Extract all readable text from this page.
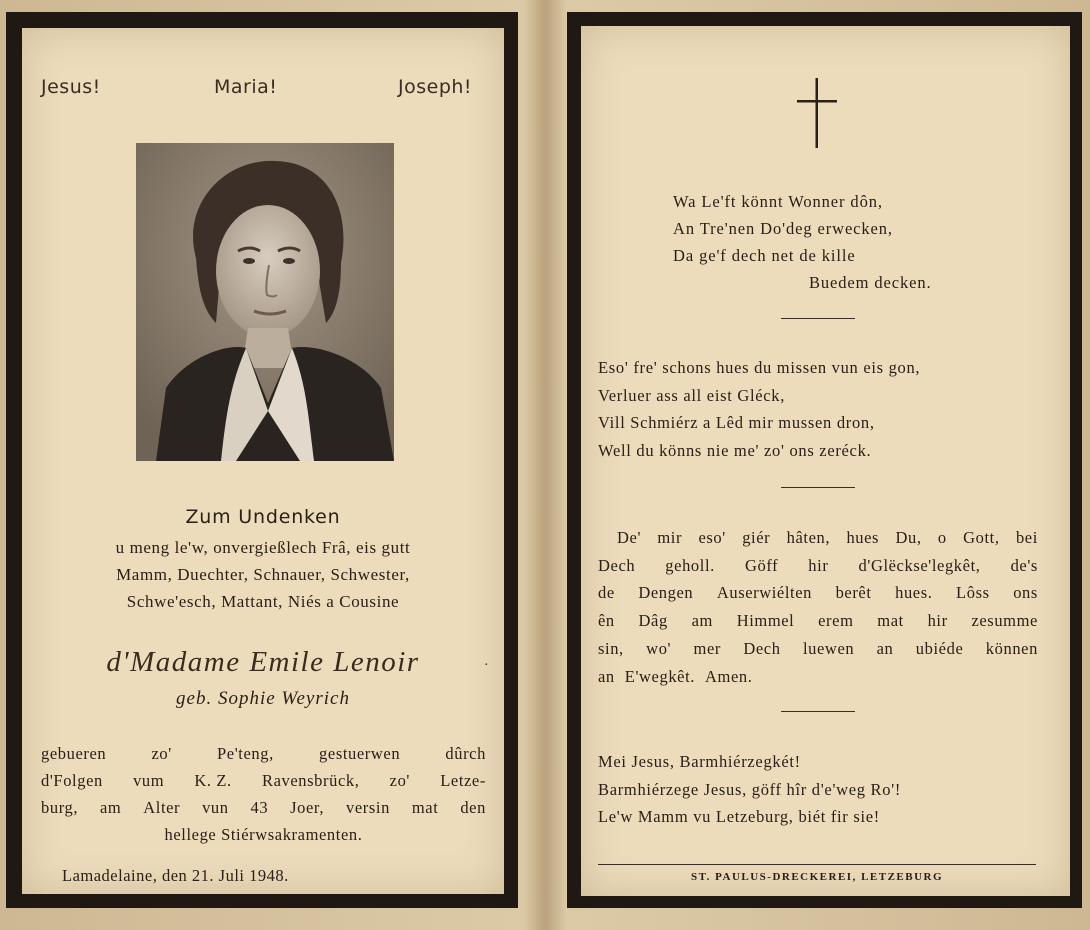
Jesus!	Maria!	Joseph!
Zum Undenken
u meng le'w, onvergießlech Frâ, eis gutt
Mamm, Duechter, Schnauer, Schwester,
Schwe'esch, Mattant, Niés a Cousine
d'Madame Emile Lenoir	·
geb. Sophie Weyrich
gebueren	zo'	Pe'teng,	gestuerwen	dûrch
d'Folgen vum K. Z. Ravensbrück, zo' Letze-
burg, am Alter vun 43 Joer, versin mat den
hellege Stiérwsakramenten.
Lamadelaine, den 21. Juli 1948.
Wa Le'ft könnt Wonner dôn,
An Tre'nen Do'deg erwecken,
Da ge'f dech net de kille
Buedem decken.
Eso' fre' schons hues du missen vun eis gon,
Verluer ass all eist Gléck,
Vill Schmiérz a Lêd mir mussen dron,
Well du könns nie me' zo' ons zeréck.
De' mir eso' giér hâten, hues Du, o Gott, bei
Dech geholl. Göff hir d'Glëckse'legkêt, de's
de Dengen Auserwiélten berêt hues. Lôss ons
ên Dâg am Himmel erem mat hir zesumme
sin, wo' mer Dech luewen an ubiéde können
an E'wegkêt. Amen.
Mei Jesus, Barmhiérzegkét!
Barmhiérzege Jesus, göff hîr d'e'weg Ro'!
Le'w Mamm vu Letzeburg, biét fir sie!
ST. PAULUS-DRECKEREI, LETZEBURG
